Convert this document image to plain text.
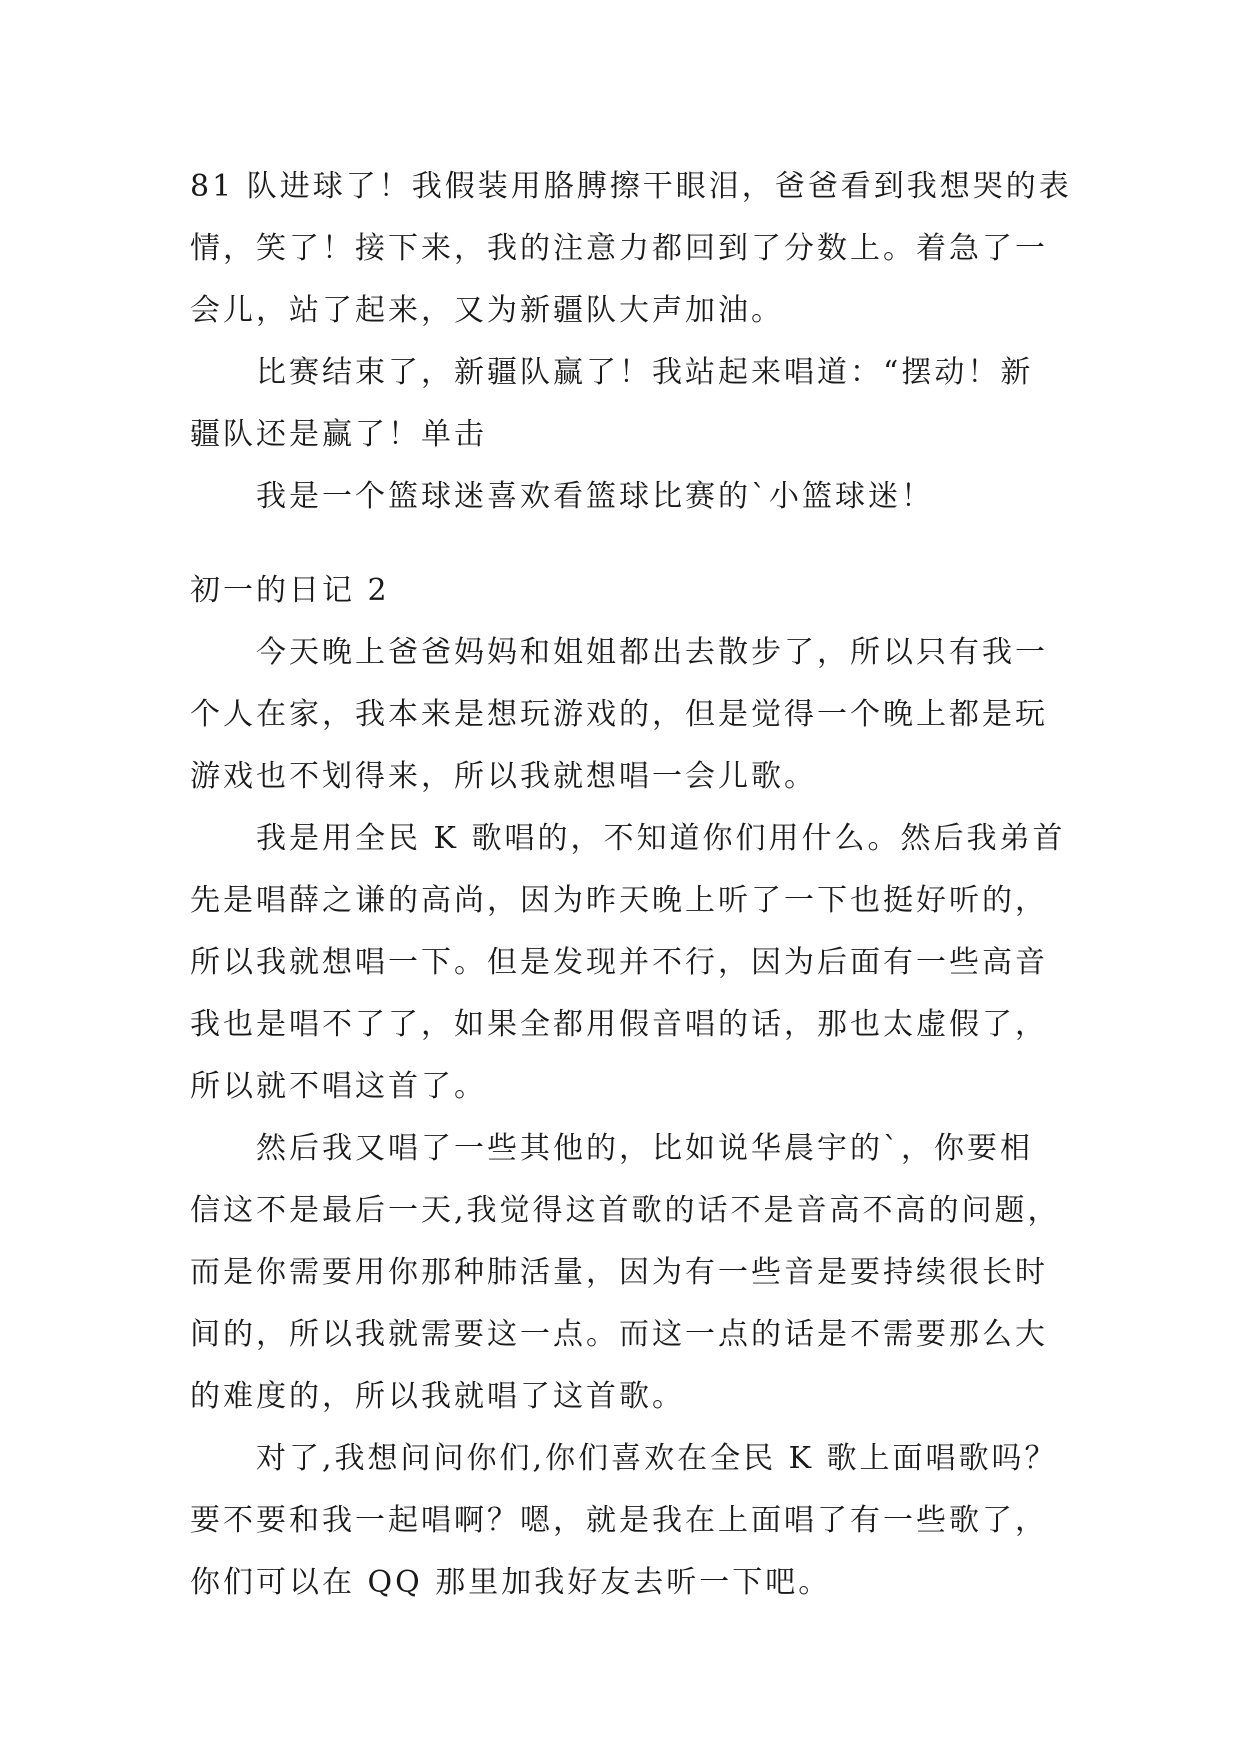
81 队进球了！我假装用胳膊擦干眼泪，爸爸看到我想哭的表
情，笑了！接下来，我的注意力都回到了分数上。着急了一
会儿，站了起来，又为新疆队大声加油。
比赛结束了，新疆队赢了！我站起来唱道：“摆动！新
疆队还是赢了！单击
我是一个篮球迷喜欢看篮球比赛的`小篮球迷！
初一的日记 2
今天晚上爸爸妈妈和姐姐都出去散步了，所以只有我一
个人在家，我本来是想玩游戏的，但是觉得一个晚上都是玩
游戏也不划得来，所以我就想唱一会儿歌。
我是用全民 K 歌唱的，不知道你们用什么。然后我弟首
先是唱薛之谦的高尚，因为昨天晚上听了一下也挺好听的，
所以我就想唱一下。但是发现并不行，因为后面有一些高音
我也是唱不了了，如果全都用假音唱的话，那也太虚假了，
所以就不唱这首了。
然后我又唱了一些其他的，比如说华晨宇的`，你要相
信这不是最后一天,我觉得这首歌的话不是音高不高的问题，
而是你需要用你那种肺活量，因为有一些音是要持续很长时
间的，所以我就需要这一点。而这一点的话是不需要那么大
的难度的，所以我就唱了这首歌。
对了,我想问问你们,你们喜欢在全民 K 歌上面唱歌吗？
要不要和我一起唱啊？嗯，就是我在上面唱了有一些歌了，
你们可以在 QQ 那里加我好友去听一下吧。
